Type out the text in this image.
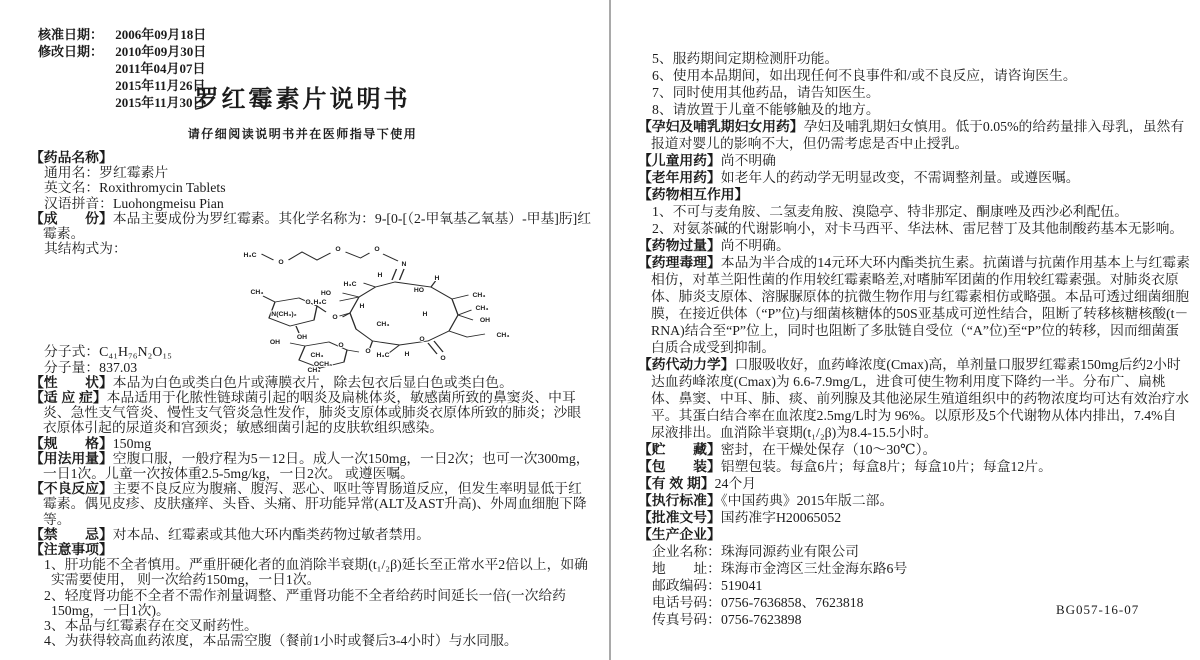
核准日期： 2006年09月18日
修改日期： 2010年09月30日
2011年04月07日
2015年11月26日
2015年11月30日
罗红霉素片说明书
请仔细阅读说明书并在医师指导下使用

【药品名称】

通用名：罗红霉素片

英文名：Roxithromycin Tablets

汉语拼音：Luohongmeisu Pian

【成　　份】本品主要成份为罗红霉素。其化学名称为：9-[0-[（2-甲氧基乙氧基）-甲基]肟]红霉素。

其结构式为：

分子式：C₄₁H₇₆N₂O₁₅

分子量：837.03

【性　　状】本品为白色或类白色片或薄膜衣片，除去包衣后显白色或类白色。

【适 应 症】本品适用于化脓性链球菌引起的咽炎及扁桃体炎，敏感菌所致的鼻窦炎、中耳炎、急性支气管炎、慢性支气管炎急性发作，肺炎支原体或肺炎衣原体所致的肺炎；沙眼衣原体引起的尿道炎和宫颈炎；敏感细菌引起的皮肤软组织感染。

【规　　格】150mg

【用法用量】空腹口服，一般疗程为5－12日。成人一次150mg，一日2次；也可一次300mg，一日1次。儿童一次按体重2.5-5mg/kg，一日2次。 或遵医嘱。

【不良反应】主要不良反应为腹痛、腹泻、恶心、呕吐等胃肠道反应，但发生率明显低于红霉素。偶见皮疹、皮肤瘙痒、头昏、头痛、肝功能异常(ALT及AST升高)、外周血细胞下降等。

【禁　　忌】对本品、红霉素或其他大环内酯类药物过敏者禁用。

【注意事项】

1、肝功能不全者慎用。严重肝硬化者的血消除半衰期(t₁/₂β)延长至正常水平2倍以上，如确实需要使用， 则一次给药150mg，一日1次。

2、轻度肾功能不全者不需作剂量调整、严重肾功能不全者给药时间延长一倍(一次给药150mg，一日1次)。

3、本品与红霉素存在交叉耐药性。

4、为获得较高血药浓度，本品需空腹（餐前1小时或餐后3-4小时）与水同服。

H₃C
O
O	O
N
H
CH₃
HO
CH₃
OH
H
CH₃
H
H₃C
HO
H₃C
H
CH₃
O
O
H₃C H
O
O
CH₃
O
N(CH₃)₂
OH
OH	O
CH₃
OCH₃
CH₃

5、服药期间定期检测肝功能。

6、使用本品期间，如出现任何不良事件和/或不良反应，请咨询医生。

7、同时使用其他药品，请告知医生。

8、请放置于儿童不能够触及的地方。

【孕妇及哺乳期妇女用药】孕妇及哺乳期妇女慎用。低于0.05%的给药量排入母乳，虽然有报道对婴儿的影响不大，但仍需考虑是否中止授乳。

【儿童用药】尚不明确

【老年用药】如老年人的药动学无明显改变，不需调整剂量。或遵医嘱。

【药物相互作用】

1、不可与麦角胺、二氢麦角胺、溴隐亭、特非那定、酮康唑及西沙必利配伍。

2、对氨茶碱的代谢影响小，对卡马西平、华法林、雷尼替丁及其他制酸药基本无影响。

【药物过量】尚不明确。

【药理毒理】本品为半合成的14元环大环内酯类抗生素。抗菌谱与抗菌作用基本上与红霉素相仿，对革兰阳性菌的作用较红霉素略差,对嗜肺军团菌的作用较红霉素强。对肺炎衣原体、肺炎支原体、溶脲脲原体的抗微生物作用与红霉素相仿或略强。本品可透过细菌细胞膜，在接近供体（“P”位)与细菌核糖体的50S亚基成可逆性结合，阻断了转移核糖核酸(t－RNA)结合至“P”位上，同时也阻断了多肽链自受位（“A”位)至“P”位的转移，因而细菌蛋白质合成受到抑制。

【药代动力学】口服吸收好，血药峰浓度(Cmax)高，单剂量口服罗红霉素150mg后约2小时达血药峰浓度(Cmax)为 6.6-7.9mg/L，进食可使生物利用度下降约一半。分布广、扁桃体、鼻窦、中耳、肺、痰、前列腺及其他泌尿生殖道组织中的药物浓度均可达有效治疗水平。其蛋白结合率在血浓度2.5mg/L时为 96%。以原形及5个代谢物从体内排出，7.4%自尿液排出。血消除半衰期(t₁/₂β)为8.4-15.5小时。

【贮　　藏】密封，在干燥处保存（10～30℃）。

【包　　装】铝塑包装。每盒6片；每盒8片；每盒10片；每盒12片。

【有 效 期】24个月

【执行标准】《中国药典》2015年版二部。

【批准文号】国药准字H20065052

【生产企业】

企业名称：珠海同源药业有限公司

地　　址：珠海市金湾区三灶金海东路6号

邮政编码：519041

电话号码：0756-7636858、7623818

传真号码：0756-7623898

BG057-16-07
